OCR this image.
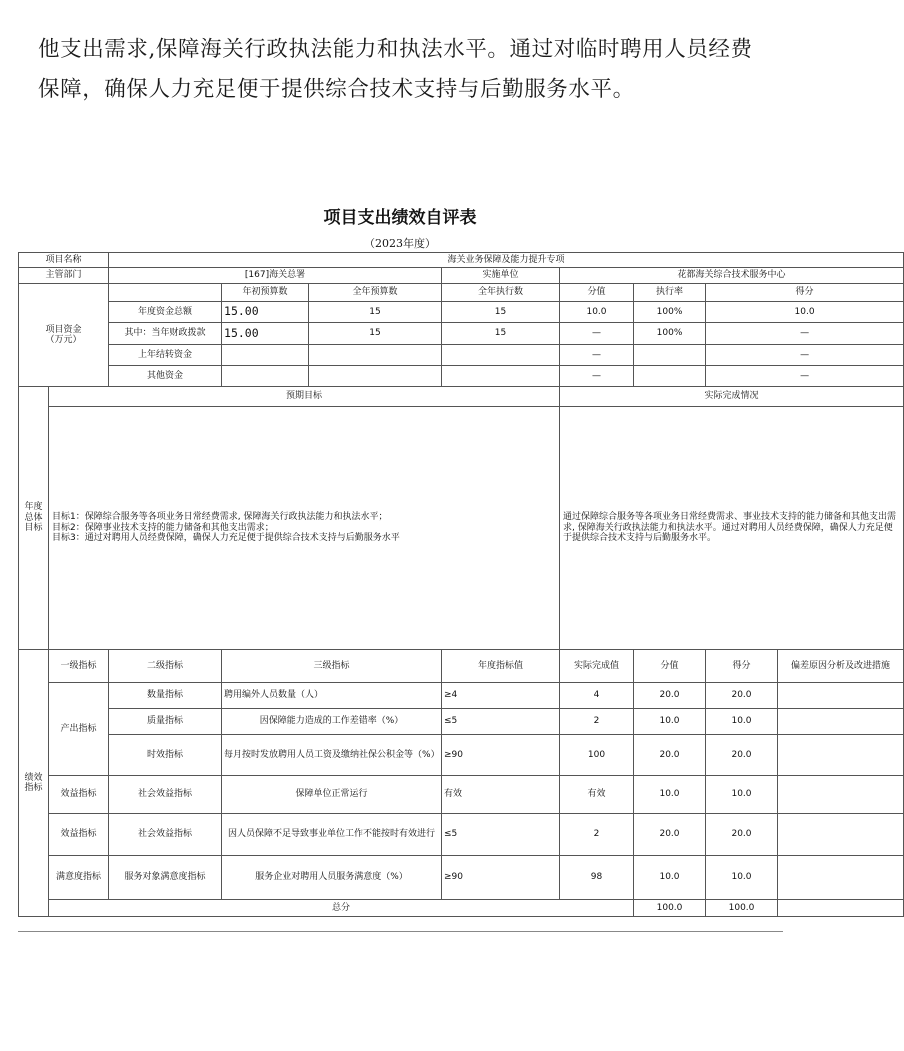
他支出需求,保障海关行政执法能力和执法水平。通过对临时聘用人员经费保障，确保人力充足便于提供综合技术支持与后勤服务水平。

项目支出绩效自评表
（2023年度）
项目名称		海关业务保障及能力提升专项							
主管部门		[167]海关总署			实施单位	花都海关综合技术服务中心			
项目资金
（万元）			年初预算数	全年预算数	全年执行数	分值	执行率	得分	
		年度资金总额	15.00	15	15	10.0	100%	10.0	
		其中：当年财政拨款	15.00	15	15	—	100%	—	
		上年结转资金				—		—	
		其他资金				—		—	
年度
总体
目标	预期目标					实际完成情况			
	目标1：保障综合服务等各项业务日常经费需求, 保障海关行政执法能力和执法水平；
目标2：保障事业技术支持的能力储备和其他支出需求；
目标3：通过对聘用人员经费保障，确保人力充足便于提供综合技术支持与后勤服务水平					通过保障综合服务等各项业务日常经费需求、事业技术支持的能力储备和其他支出需求, 保障海关行政执法能力和执法水平。通过对聘用人员经费保障，确保人力充足便于提供综合技术支持与后勤服务水平。			
绩效
指标	一级指标	二级指标	三级指标		年度指标值	实际完成值	分值	得分	偏差原因分析及改进措施
	产出指标	数量指标	聘用编外人员数量（人）		≥4	4	20.0	20.0	
		质量指标	因保障能力造成的工作差错率（%）		≤5	2	10.0	10.0	
		时效指标	每月按时发放聘用人员工资及缴纳社保公积金等（%）		≥90	100	20.0	20.0	
	效益指标	社会效益指标	保障单位正常运行		有效	有效	10.0	10.0	
	效益指标	社会效益指标	因人员保障不足导致事业单位工作不能按时有效进行		≤5	2	20.0	20.0	
	满意度指标	服务对象满意度指标	服务企业对聘用人员服务满意度（%）		≥90	98	10.0	10.0	
	总分						100.0	100.0	
